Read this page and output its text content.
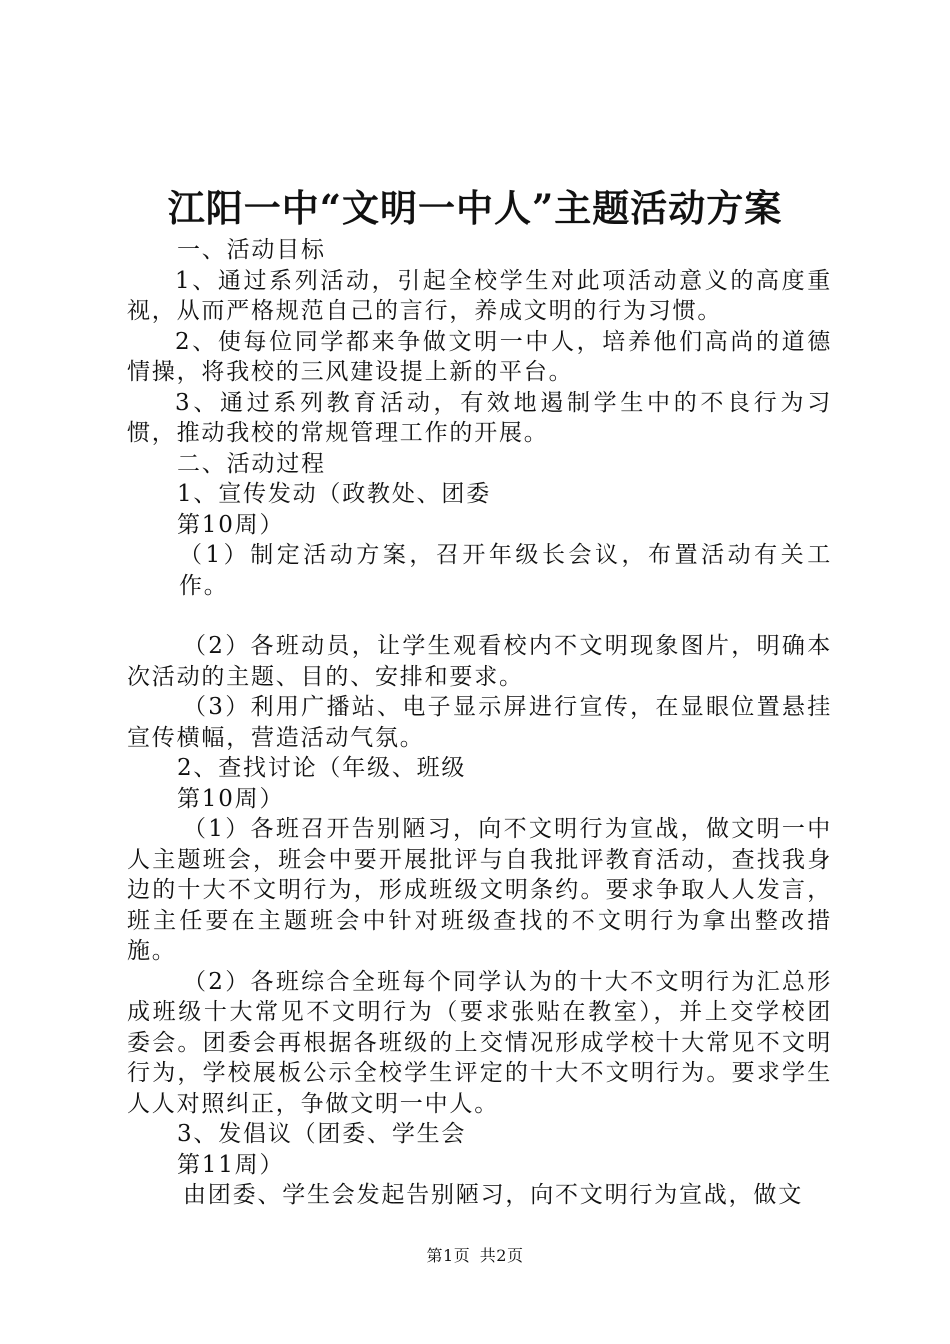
江阳一中“文明一中人”主题活动方案

一、活动目标

1、通过系列活动，引起全校学生对此项活动意义的高度重视，从而严格规范自己的言行，养成文明的行为习惯。

2、使每位同学都来争做文明一中人，培养他们高尚的道德情操，将我校的三风建设提上新的平台。

3、通过系列教育活动，有效地遏制学生中的不良行为习惯，推动我校的常规管理工作的开展。

二、活动过程

1、宣传发动（政教处、团委

第10周）

（1）制定活动方案，召开年级长会议，布置活动有关工作。

（2）各班动员，让学生观看校内不文明现象图片，明确本次活动的主题、目的、安排和要求。

（3）利用广播站、电子显示屏进行宣传，在显眼位置悬挂宣传横幅，营造活动气氛。

2、查找讨论（年级、班级

第10周）

（1）各班召开告别陋习，向不文明行为宣战，做文明一中人主题班会，班会中要开展批评与自我批评教育活动，查找我身边的十大不文明行为，形成班级文明条约。要求争取人人发言，班主任要在主题班会中针对班级查找的不文明行为拿出整改措施。

（2）各班综合全班每个同学认为的十大不文明行为汇总形成班级十大常见不文明行为（要求张贴在教室），并上交学校团委会。团委会再根据各班级的上交情况形成学校十大常见不文明行为，学校展板公示全校学生评定的十大不文明行为。要求学生人人对照纠正，争做文明一中人。

3、发倡议（团委、学生会

第11周）

由团委、学生会发起告别陋习，向不文明行为宣战，做文

第1页 共2页
